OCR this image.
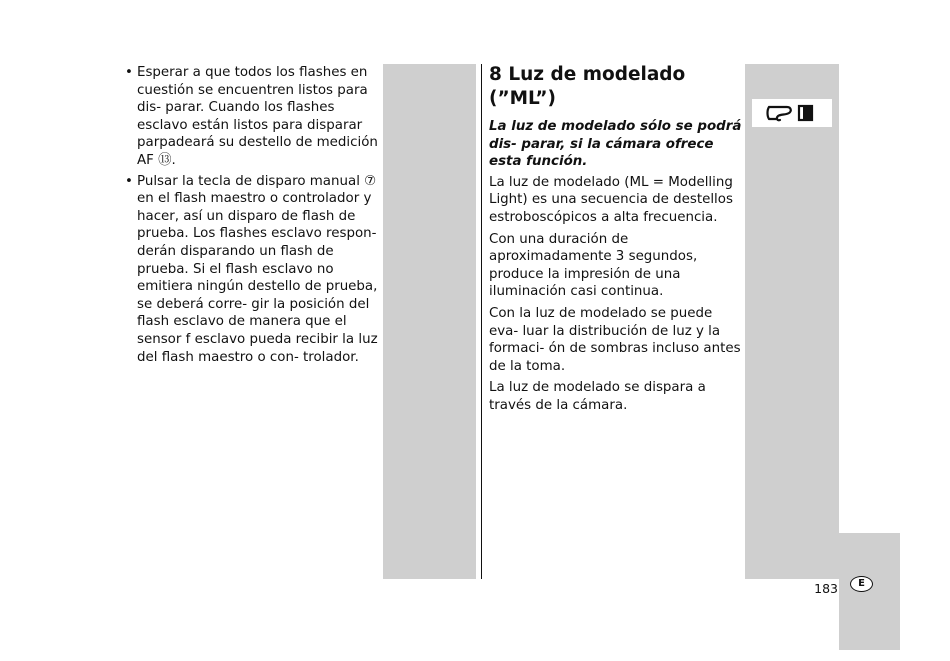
• Esperar a que todos los flashes en cuestión se encuentren listos para dis- parar. Cuando los flashes esclavo están listos para disparar parpadeará su destello de medición AF ⑬.
• Pulsar la tecla de disparo manual ⑦ en el flash maestro o controlador y hacer, así un disparo de flash de prueba. Los flashes esclavo respon- derán disparando un flash de prueba. Si el flash esclavo no emitiera ningún destello de prueba, se deberá corre- gir la posición del flash esclavo de manera que el sensor f esclavo pueda recibir la luz del flash maestro o con- trolador.
8 Luz de modelado (”ML”)

La luz de modelado sólo se podrá dis- parar, si la cámara ofrece esta función.

La luz de modelado (ML = Modelling Light) es una secuencia de destellos estroboscópicos a alta frecuencia.

Con una duración de aproximadamente 3 segundos, produce la impresión de una iluminación casi continua.

Con la luz de modelado se puede eva- luar la distribución de luz y la formaci- ón de sombras incluso antes de la toma.

La luz de modelado se dispara a través de la cámara.

183	E
